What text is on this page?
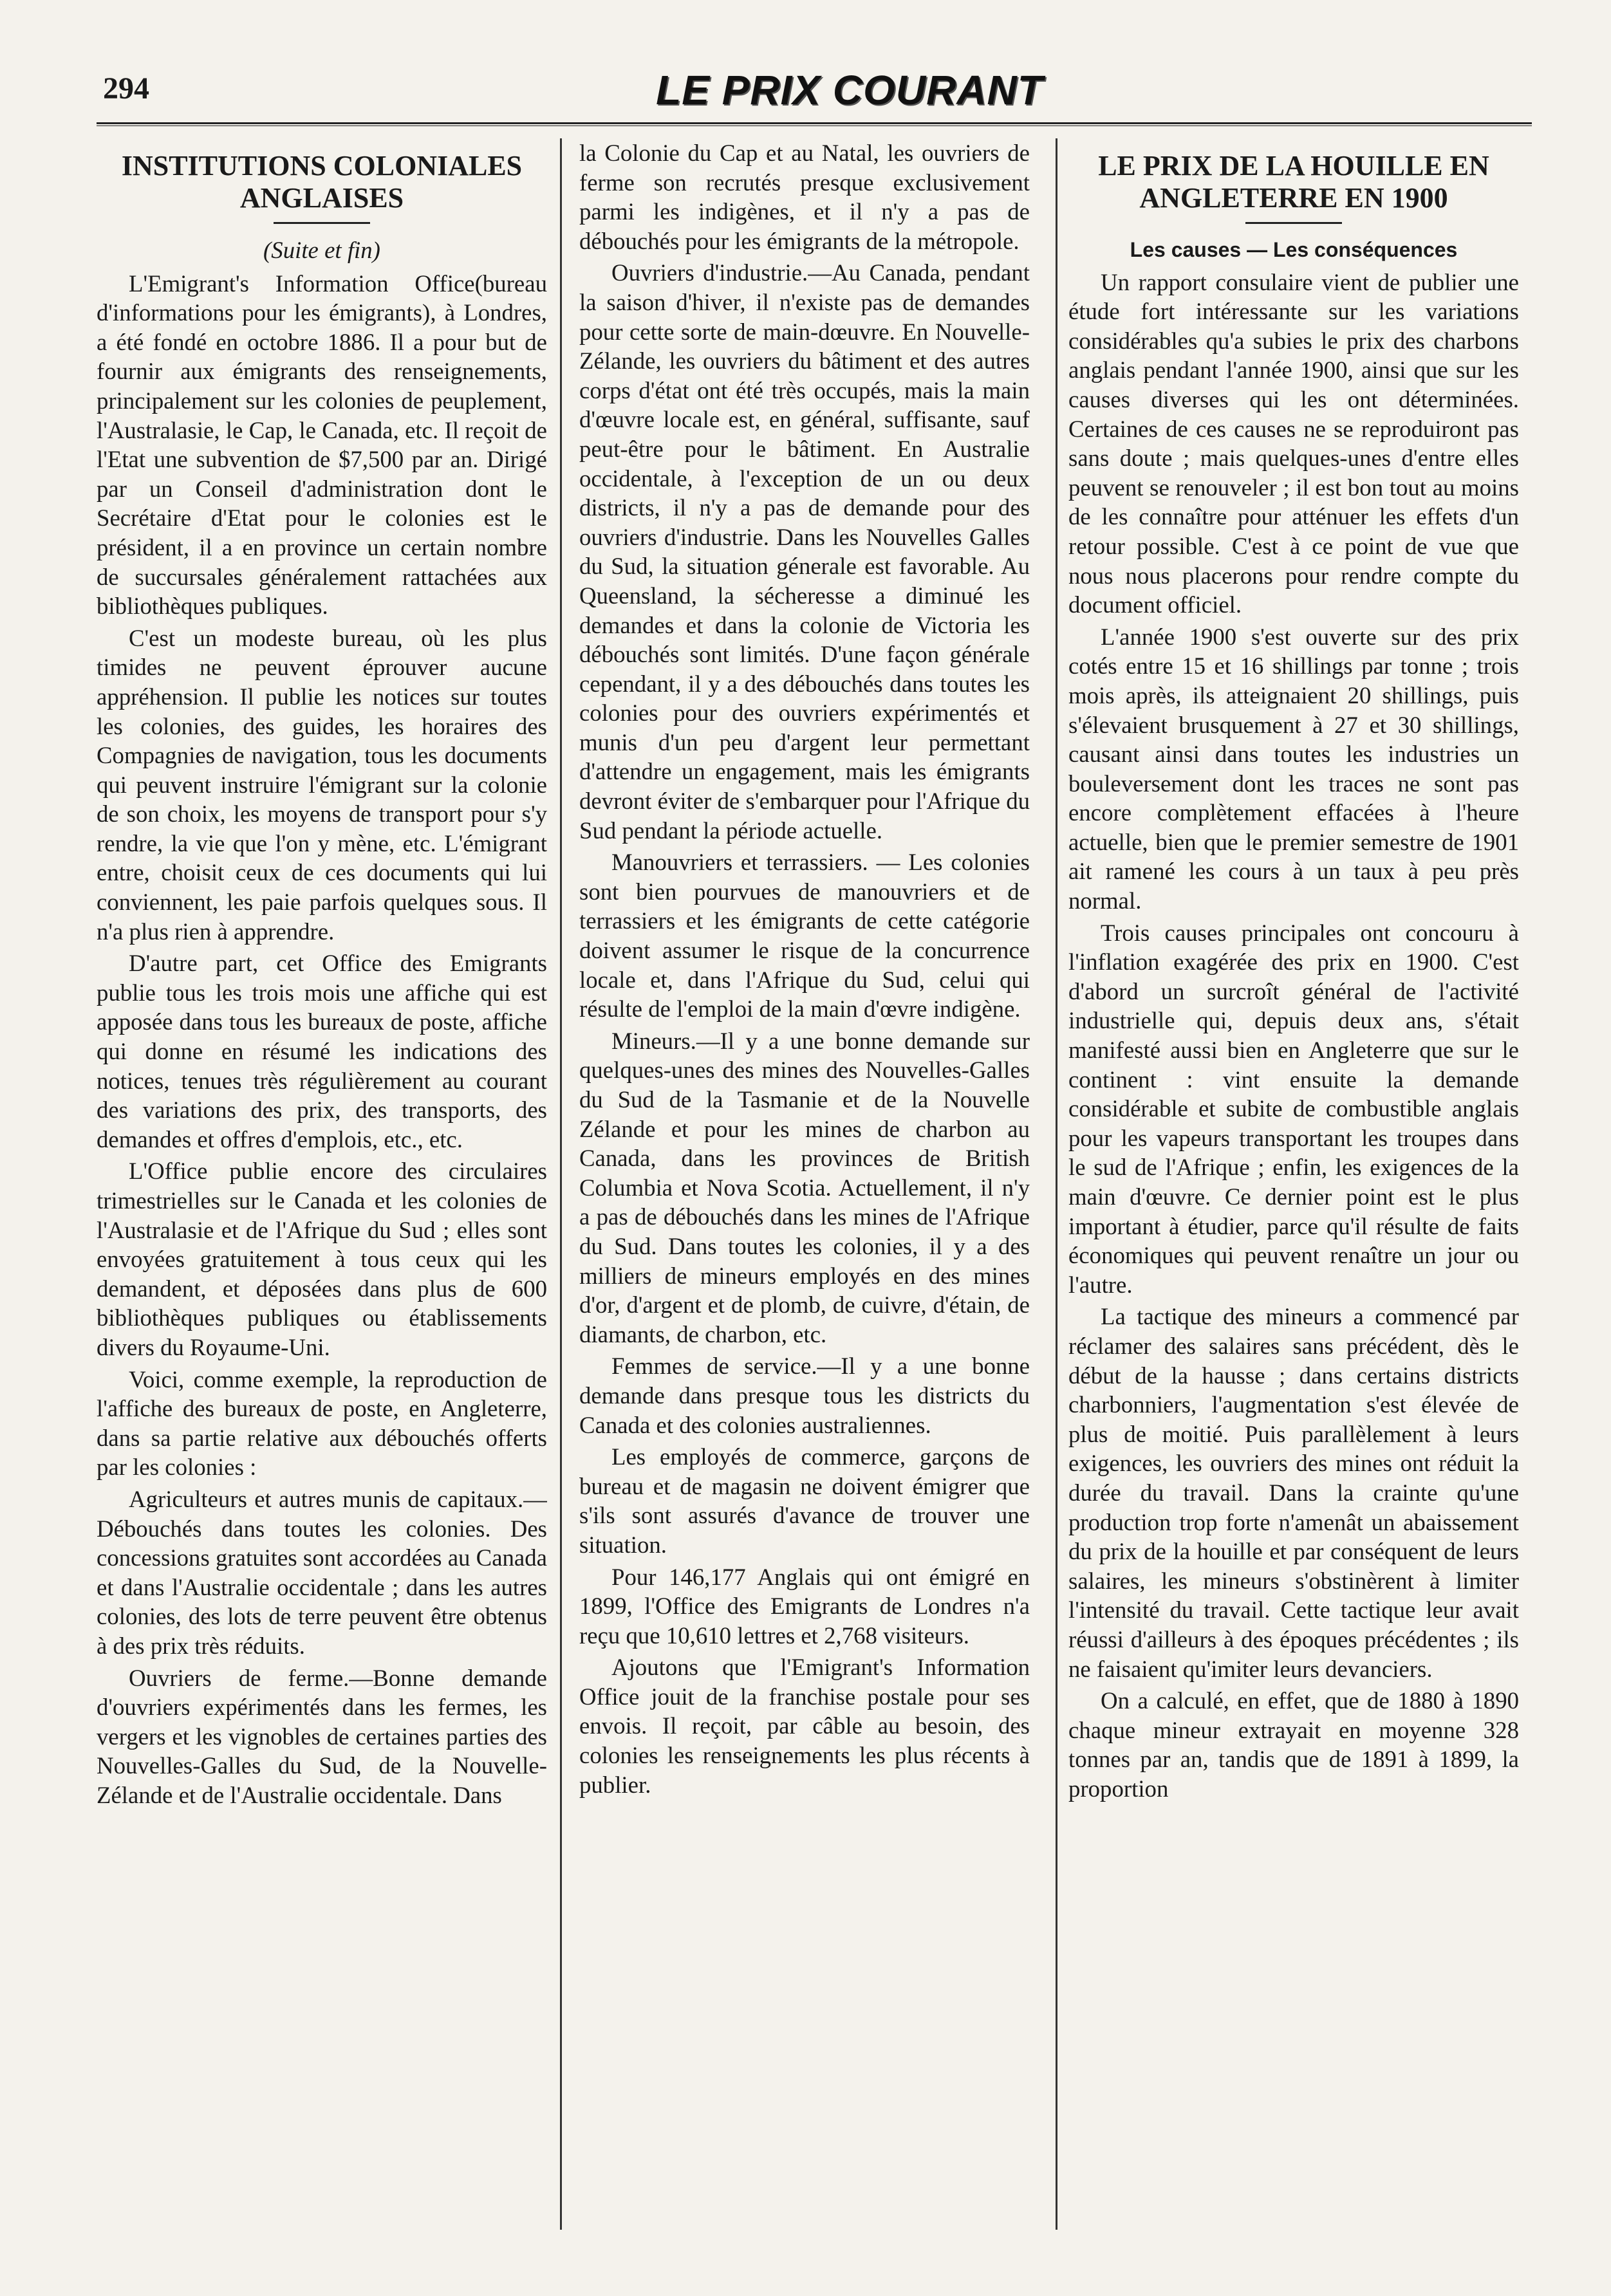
294	LE PRIX COURANT
INSTITUTIONS COLONIALES ANGLAISES
(Suite et fin)

L'Emigrant's Information Office(bureau d'informations pour les émigrants), à Londres, a été fondé en octobre 1886. Il a pour but de fournir aux émigrants des renseignements, principalement sur les colonies de peuplement, l'Australasie, le Cap, le Canada, etc. Il reçoit de l'Etat une subvention de $7,500 par an. Dirigé par un Conseil d'administration dont le Secrétaire d'Etat pour le colonies est le président, il a en province un certain nombre de succursales généralement rattachées aux bibliothèques publiques.

C'est un modeste bureau, où les plus timides ne peuvent éprouver aucune appréhension. Il publie les notices sur toutes les colonies, des guides, les horaires des Compagnies de navigation, tous les documents qui peuvent instruire l'émigrant sur la colonie de son choix, les moyens de transport pour s'y rendre, la vie que l'on y mène, etc. L'émigrant entre, choisit ceux de ces documents qui lui conviennent, les paie parfois quelques sous. Il n'a plus rien à apprendre.

D'autre part, cet Office des Emigrants publie tous les trois mois une affiche qui est apposée dans tous les bureaux de poste, affiche qui donne en résumé les indications des notices, tenues très régulièrement au courant des variations des prix, des transports, des demandes et offres d'emplois, etc., etc.

L'Office publie encore des circulaires trimestrielles sur le Canada et les colonies de l'Australasie et de l'Afrique du Sud ; elles sont envoyées gratuitement à tous ceux qui les demandent, et déposées dans plus de 600 bibliothèques publiques ou établissements divers du Royaume-Uni.

Voici, comme exemple, la reproduction de l'affiche des bureaux de poste, en Angleterre, dans sa partie relative aux débouchés offerts par les colonies :

Agriculteurs et autres munis de capitaux.—Débouchés dans toutes les colonies. Des concessions gratuites sont accordées au Canada et dans l'Australie occidentale ; dans les autres colonies, des lots de terre peuvent être obtenus à des prix très réduits.

Ouvriers de ferme.—Bonne demande d'ouvriers expérimentés dans les fermes, les vergers et les vignobles de certaines parties des Nouvelles-Galles du Sud, de la Nouvelle-Zélande et de l'Australie occidentale. Dans

la Colonie du Cap et au Natal, les ouvriers de ferme son recrutés presque exclusivement parmi les indigènes, et il n'y a pas de débouchés pour les émigrants de la métropole.

Ouvriers d'industrie.—Au Canada, pendant la saison d'hiver, il n'existe pas de demandes pour cette sorte de main-dœuvre. En Nouvelle-Zélande, les ouvriers du bâtiment et des autres corps d'état ont été très occupés, mais la main d'œuvre locale est, en général, suffisante, sauf peut-être pour le bâtiment. En Australie occidentale, à l'exception de un ou deux districts, il n'y a pas de demande pour des ouvriers d'industrie. Dans les Nouvelles Galles du Sud, la situation génerale est favorable. Au Queensland, la sécheresse a diminué les demandes et dans la colonie de Victoria les débouchés sont limités. D'une façon générale cependant, il y a des débouchés dans toutes les colonies pour des ouvriers expérimentés et munis d'un peu d'argent leur permettant d'attendre un engagement, mais les émigrants devront éviter de s'embarquer pour l'Afrique du Sud pendant la période actuelle.

Manouvriers et terrassiers. — Les colonies sont bien pourvues de manouvriers et de terrassiers et les émigrants de cette catégorie doivent assumer le risque de la concurrence locale et, dans l'Afrique du Sud, celui qui résulte de l'emploi de la main d'œvre indigène.

Mineurs.—Il y a une bonne demande sur quelques-unes des mines des Nouvelles-Galles du Sud de la Tasmanie et de la Nouvelle Zélande et pour les mines de charbon au Canada, dans les provinces de British Columbia et Nova Scotia. Actuellement, il n'y a pas de débouchés dans les mines de l'Afrique du Sud. Dans toutes les colonies, il y a des milliers de mineurs employés en des mines d'or, d'argent et de plomb, de cuivre, d'étain, de diamants, de charbon, etc.

Femmes de service.—Il y a une bonne demande dans presque tous les districts du Canada et des colonies australiennes.

Les employés de commerce, garçons de bureau et de magasin ne doivent émigrer que s'ils sont assurés d'avance de trouver une situation.

Pour 146,177 Anglais qui ont émigré en 1899, l'Office des Emigrants de Londres n'a reçu que 10,610 lettres et 2,768 visiteurs.

Ajoutons que l'Emigrant's Information Office jouit de la franchise postale pour ses envois. Il reçoit, par câble au besoin, des colonies les renseignements les plus récents à publier.

LE PRIX DE LA HOUILLE EN ANGLETERRE EN 1900
Les causes — Les conséquences

Un rapport consulaire vient de publier une étude fort intéressante sur les variations considérables qu'a subies le prix des charbons anglais pendant l'année 1900, ainsi que sur les causes diverses qui les ont déterminées. Certaines de ces causes ne se reproduiront pas sans doute ; mais quelques-unes d'entre elles peuvent se renouveler ; il est bon tout au moins de les connaître pour atténuer les effets d'un retour possible. C'est à ce point de vue que nous nous placerons pour rendre compte du document officiel.

L'année 1900 s'est ouverte sur des prix cotés entre 15 et 16 shillings par tonne ; trois mois après, ils atteignaient 20 shillings, puis s'élevaient brusquement à 27 et 30 shillings, causant ainsi dans toutes les industries un bouleversement dont les traces ne sont pas encore complètement effacées à l'heure actuelle, bien que le premier semestre de 1901 ait ramené les cours à un taux à peu près normal.

Trois causes principales ont concouru à l'inflation exagérée des prix en 1900. C'est d'abord un surcroît général de l'activité industrielle qui, depuis deux ans, s'était manifesté aussi bien en Angleterre que sur le continent : vint ensuite la demande considérable et subite de combustible anglais pour les vapeurs transportant les troupes dans le sud de l'Afrique ; enfin, les exigences de la main d'œuvre. Ce dernier point est le plus important à étudier, parce qu'il résulte de faits économiques qui peuvent renaître un jour ou l'autre.

La tactique des mineurs a commencé par réclamer des salaires sans précédent, dès le début de la hausse ; dans certains districts charbonniers, l'augmentation s'est élevée de plus de moitié. Puis parallèlement à leurs exigences, les ouvriers des mines ont réduit la durée du travail. Dans la crainte qu'une production trop forte n'amenât un abaissement du prix de la houille et par conséquent de leurs salaires, les mineurs s'obstinèrent à limiter l'intensité du travail. Cette tactique leur avait réussi d'ailleurs à des époques précédentes ; ils ne faisaient qu'imiter leurs devanciers.

On a calculé, en effet, que de 1880 à 1890 chaque mineur extrayait en moyenne 328 tonnes par an, tandis que de 1891 à 1899, la proportion
